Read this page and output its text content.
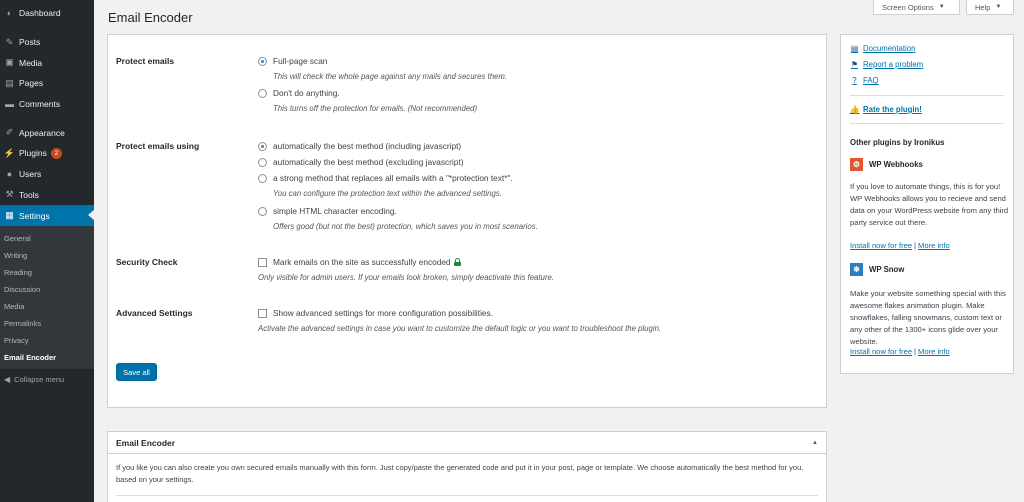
◐ Dashboard
✎ Posts
▣ Media
▤ Pages
▬ Comments
✐ Appearance
⚡ Plugins	2
● Users
⚒ Tools
▦ Settings
General
Writing
Reading
Discussion
Media
Permalinks
Privacy
Email Encoder
◀ Collapse menu
Email Encoder
Screen Options ▼	Help ▼
Protect emails	Full-page scan
This will check the whole page against any mails and secures them.
Don't do anything.
This turns off the protection for emails. (Not recommended)
Protect emails using	automatically the best method (including javascript)
automatically the best method (excluding javascript)
a strong method that replaces all emails with a "*protection text*".
You can configure the protection text within the advanced settings.
simple HTML character encoding.
Offers good (but not the best) protection, which saves you in most scenarios.
Security Check	Mark emails on the site as successfully encoded
Only visible for admin users. If your emails look broken, simply deactivate this feature.
Advanced Settings	Show advanced settings for more configuration possibilities.
Activate the advanced settings in case you want to customize the default logic or you want to troubleshoot the plugin.
Save all
Email Encoder	▲
If you like you can also create you own secured emails manually with this form. Just copy/paste the generated code and put it in your post, page or template. We choose automatically the best method for you, based on your settings.
▤ Documentation
⚑ Report a problem
? FAQ
👍 Rate the plugin!
Other plugins by Ironikus
⚙	WP Webhooks
If you love to automate things, this is for you! WP Webhooks allows you to recieve and send data on your WordPress website from any third party service out there.
Install now for free | More info
❄	WP Snow
Make your website something special with this awesome flakes animation plugin. Make snowflakes, falling snowmans, custom text or any other of the 1300+ icons glide over your website.
Install now for free | More info
